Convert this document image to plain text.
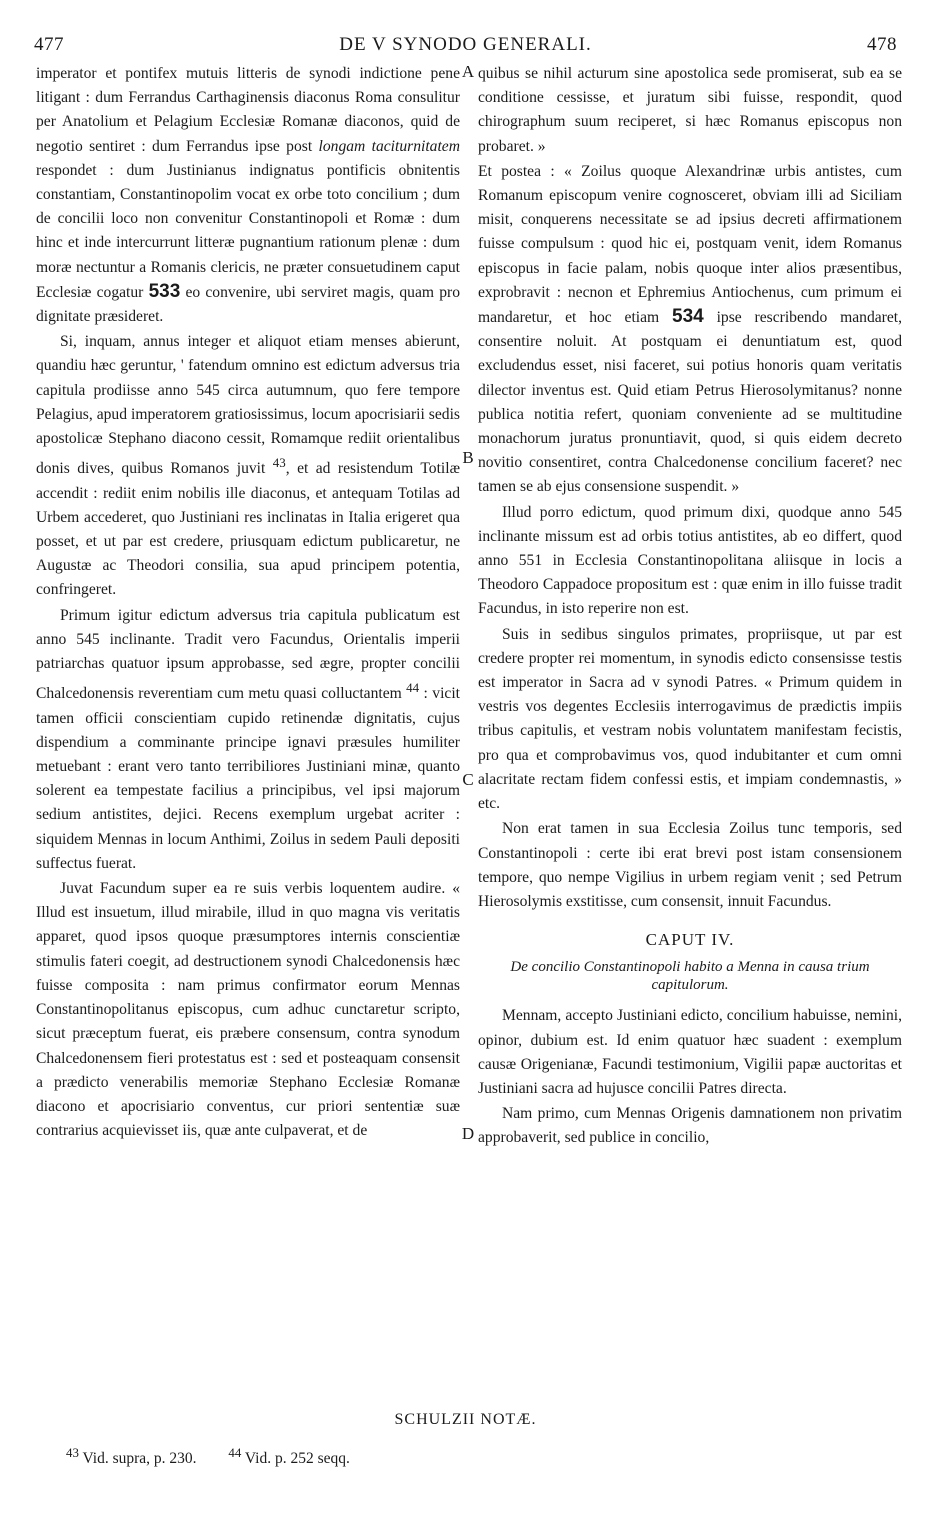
477	DE V SYNODO GENERALI.	478

imperator et pontifex mutuis litteris de synodi indictione pene litigant : dum Ferrandus Carthaginensis diaconus Roma consulitur per Anatolium et Pelagium Ecclesiæ Romanæ diaconos, quid de negotio sentiret : dum Ferrandus ipse post longam taciturnitatem respondet : dum Justinianus indignatus pontificis obnitentis constantiam, Constantinopolim vocat ex orbe toto concilium ; dum de concilii loco non convenitur Constantinopoli et Romæ : dum hinc et inde intercurrunt litteræ pugnantium rationum plenæ : dum moræ nectuntur a Romanis clericis, ne præter consuetudinem caput Ecclesiæ cogatur 533 eo convenire, ubi serviret magis, quam pro dignitate præsideret.

Si, inquam, annus integer et aliquot etiam menses abierunt, quandiu hæc geruntur, ' fatendum omnino est edictum adversus tria capitula prodiisse anno 545 circa autumnum, quo fere tempore Pelagius, apud imperatorem gratiosissimus, locum apocrisiarii sedis apostolicæ Stephano diacono cessit, Romamque rediit orientalibus donis dives, quibus Romanos juvit $^{43}$, et ad resistendum Totilæ accendit : rediit enim nobilis ille diaconus, et antequam Totilas ad Urbem accederet, quo Justiniani res inclinatas in Italia erigeret qua posset, et ut par est credere, priusquam edictum publicaretur, ne Augustæ ac Theodori consilia, sua apud principem potentia, confringeret.

Primum igitur edictum adversus tria capitula publicatum est anno 545 inclinante. Tradit vero Facundus, Orientalis imperii patriarchas quatuor ipsum approbasse, sed ægre, propter concilii Chalcedonensis reverentiam cum metu quasi colluctantem $^{44}$ : vicit tamen officii conscientiam cupido retinendæ dignitatis, cujus dispendium a comminante principe ignavi præsules humiliter metuebant : erant vero tanto terribiliores Justiniani minæ, quanto solerent ea tempestate facilius a principibus, vel ipsi majorum sedium antistites, dejici. Recens exemplum urgebat acriter : siquidem Mennas in locum Anthimi, Zoilus in sedem Pauli depositi suffectus fuerat.

Juvat Facundum super ea re suis verbis loquentem audire. « Illud est insuetum, illud mirabile, illud in quo magna vis veritatis apparet, quod ipsos quoque præsumptores internis conscientiæ stimulis fateri coegit, ad destructionem synodi Chalcedonensis hæc fuisse composita : nam primus confirmator eorum Mennas Constantinopolitanus episcopus, cum adhuc cunctaretur scripto, sicut præceptum fuerat, eis præbere consensum, contra synodum Chalcedonensem fieri protestatus est : sed et posteaquam consensit a prædicto venerabilis memoriæ Stephano Ecclesiæ Romanæ diacono et apocrisiario conventus, cur priori sententiæ suæ contrarius acquievisset iis, quæ ante culpaverat, et de

A
B
C
D

quibus se nihil acturum sine apostolica sede promiserat, sub ea se conditione cessisse, et juratum sibi fuisse, respondit, quod chirographum suum reciperet, si hæc Romanus episcopus non probaret. »

Et postea : « Zoilus quoque Alexandrinæ urbis antistes, cum Romanum episcopum venire cognosceret, obviam illi ad Siciliam misit, conquerens necessitate se ad ipsius decreti affirmationem fuisse compulsum : quod hic ei, postquam venit, idem Romanus episcopus in facie palam, nobis quoque inter alios præsentibus, exprobravit : necnon et Ephremius Antiochenus, cum primum ei mandaretur, et hoc etiam 534 ipse rescribendo mandaret, consentire noluit. At postquam ei denuntiatum est, quod excludendus esset, nisi faceret, sui potius honoris quam veritatis dilector inventus est. Quid etiam Petrus Hierosolymitanus? nonne publica notitia refert, quoniam conveniente ad se multitudine monachorum juratus pronuntiavit, quod, si quis eidem decreto novitio consentiret, contra Chalcedonense concilium faceret? nec tamen se ab ejus consensione suspendit. »

Illud porro edictum, quod primum dixi, quodque anno 545 inclinante missum est ad orbis totius antistites, ab eo differt, quod anno 551 in Ecclesia Constantinopolitana aliisque in locis a Theodoro Cappadoce propositum est : quæ enim in illo fuisse tradit Facundus, in isto reperire non est.

Suis in sedibus singulos primates, propriisque, ut par est credere propter rei momentum, in synodis edicto consensisse testis est imperator in Sacra ad v synodi Patres. « Primum quidem in vestris vos degentes Ecclesiis interrogavimus de prædictis impiis tribus capitulis, et vestram nobis voluntatem manifestam fecistis, pro qua et comprobavimus vos, quod indubitanter et cum omni alacritate rectam fidem confessi estis, et impiam condemnastis, » etc.

Non erat tamen in sua Ecclesia Zoilus tunc temporis, sed Constantinopoli : certe ibi erat brevi post istam consensionem tempore, quo nempe Vigilius in urbem regiam venit ; sed Petrum Hierosolymis exstitisse, cum consensit, innuit Facundus.

CAPUT IV.
De concilio Constantinopoli habito a Menna in causa trium capitulorum.

Mennam, accepto Justiniani edicto, concilium habuisse, nemini, opinor, dubium est. Id enim quatuor hæc suadent : exemplum causæ Origenianæ, Facundi testimonium, Vigilii papæ auctoritas et Justiniani sacra ad hujusce concilii Patres directa.

Nam primo, cum Mennas Origenis damnationem non privatim approbaverit, sed publice in concilio,

SCHULZII NOTÆ.
$^{43}$ Vid. supra, p. 230. $^{44}$ Vid. p. 252 seqq.
